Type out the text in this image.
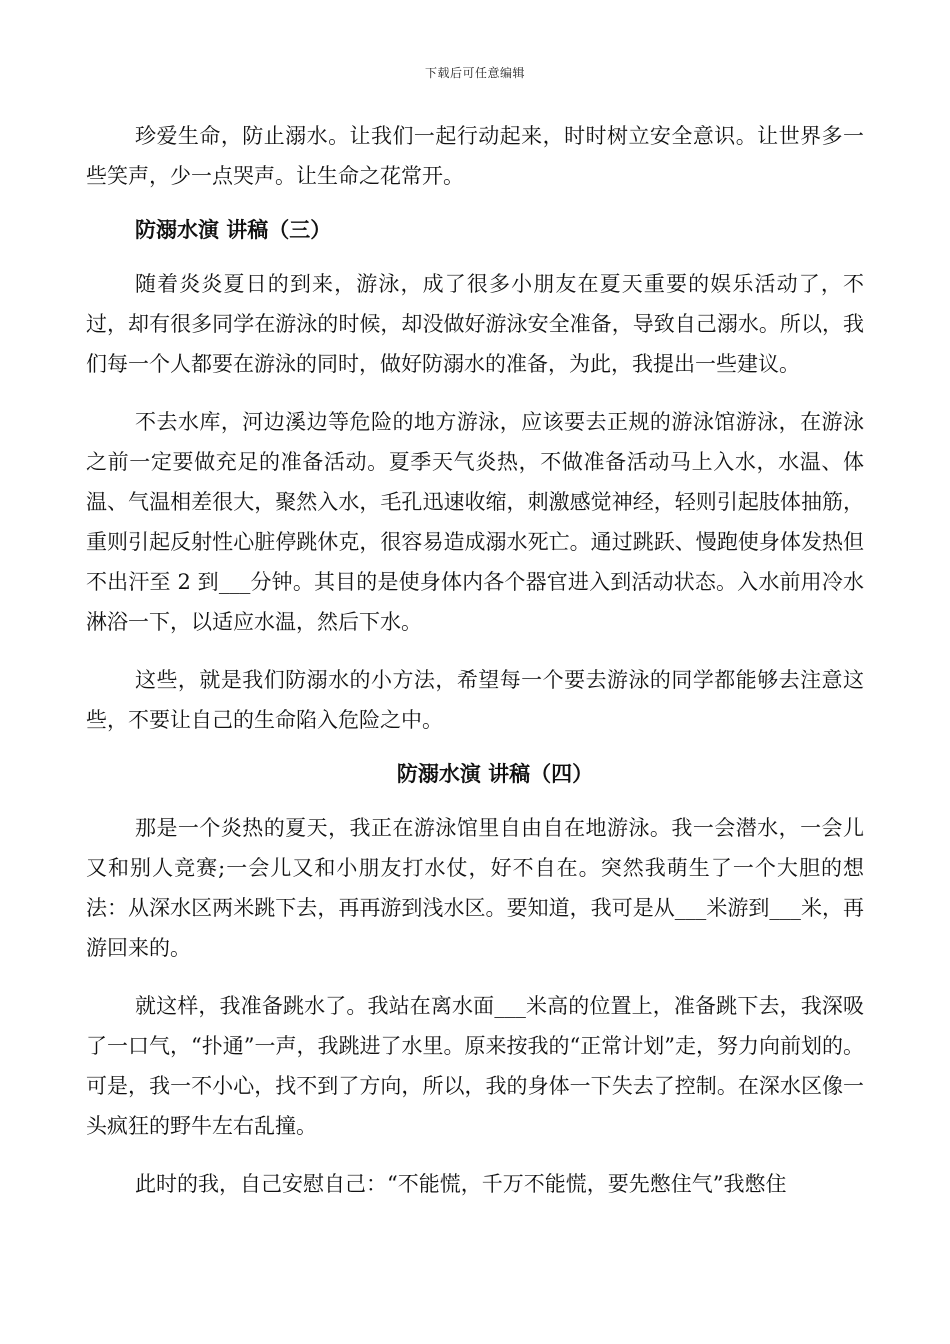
下载后可任意编辑

珍爱生命，防止溺水。让我们一起行动起来，时时树立安全意识。让世界多一些笑声，少一点哭声。让生命之花常开。

防溺水演 讲稿（三）

随着炎炎夏日的到来，游泳，成了很多小朋友在夏天重要的娱乐活动了，不过，却有很多同学在游泳的时候，却没做好游泳安全准备，导致自己溺水。所以，我们每一个人都要在游泳的同时，做好防溺水的准备，为此，我提出一些建议。

不去水库，河边溪边等危险的地方游泳，应该要去正规的游泳馆游泳，在游泳之前一定要做充足的准备活动。夏季天气炎热，不做准备活动马上入水，水温、体温、气温相差很大，聚然入水，毛孔迅速收缩，刺激感觉神经，轻则引起肢体抽筋，重则引起反射性心脏停跳休克，很容易造成溺水死亡。通过跳跃、慢跑使身体发热但不出汗至 2 到___分钟。其目的是使身体内各个器官进入到活动状态。入水前用冷水淋浴一下，以适应水温，然后下水。

这些，就是我们防溺水的小方法，希望每一个要去游泳的同学都能够去注意这些，不要让自己的生命陷入危险之中。

防溺水演 讲稿（四）

那是一个炎热的夏天，我正在游泳馆里自由自在地游泳。我一会潜水，一会儿又和别人竞赛;一会儿又和小朋友打水仗，好不自在。突然我萌生了一个大胆的想法：从深水区两米跳下去，再再游到浅水区。要知道，我可是从___米游到___米，再游回来的。

就这样，我准备跳水了。我站在离水面___米高的位置上，准备跳下去，我深吸了一口气，“扑通”一声，我跳进了水里。原来按我的“正常计划”走，努力向前划的。可是，我一不小心，找不到了方向，所以，我的身体一下失去了控制。在深水区像一头疯狂的野牛左右乱撞。

此时的我，自己安慰自己：“不能慌，千万不能慌，要先憋住气”我憋住
